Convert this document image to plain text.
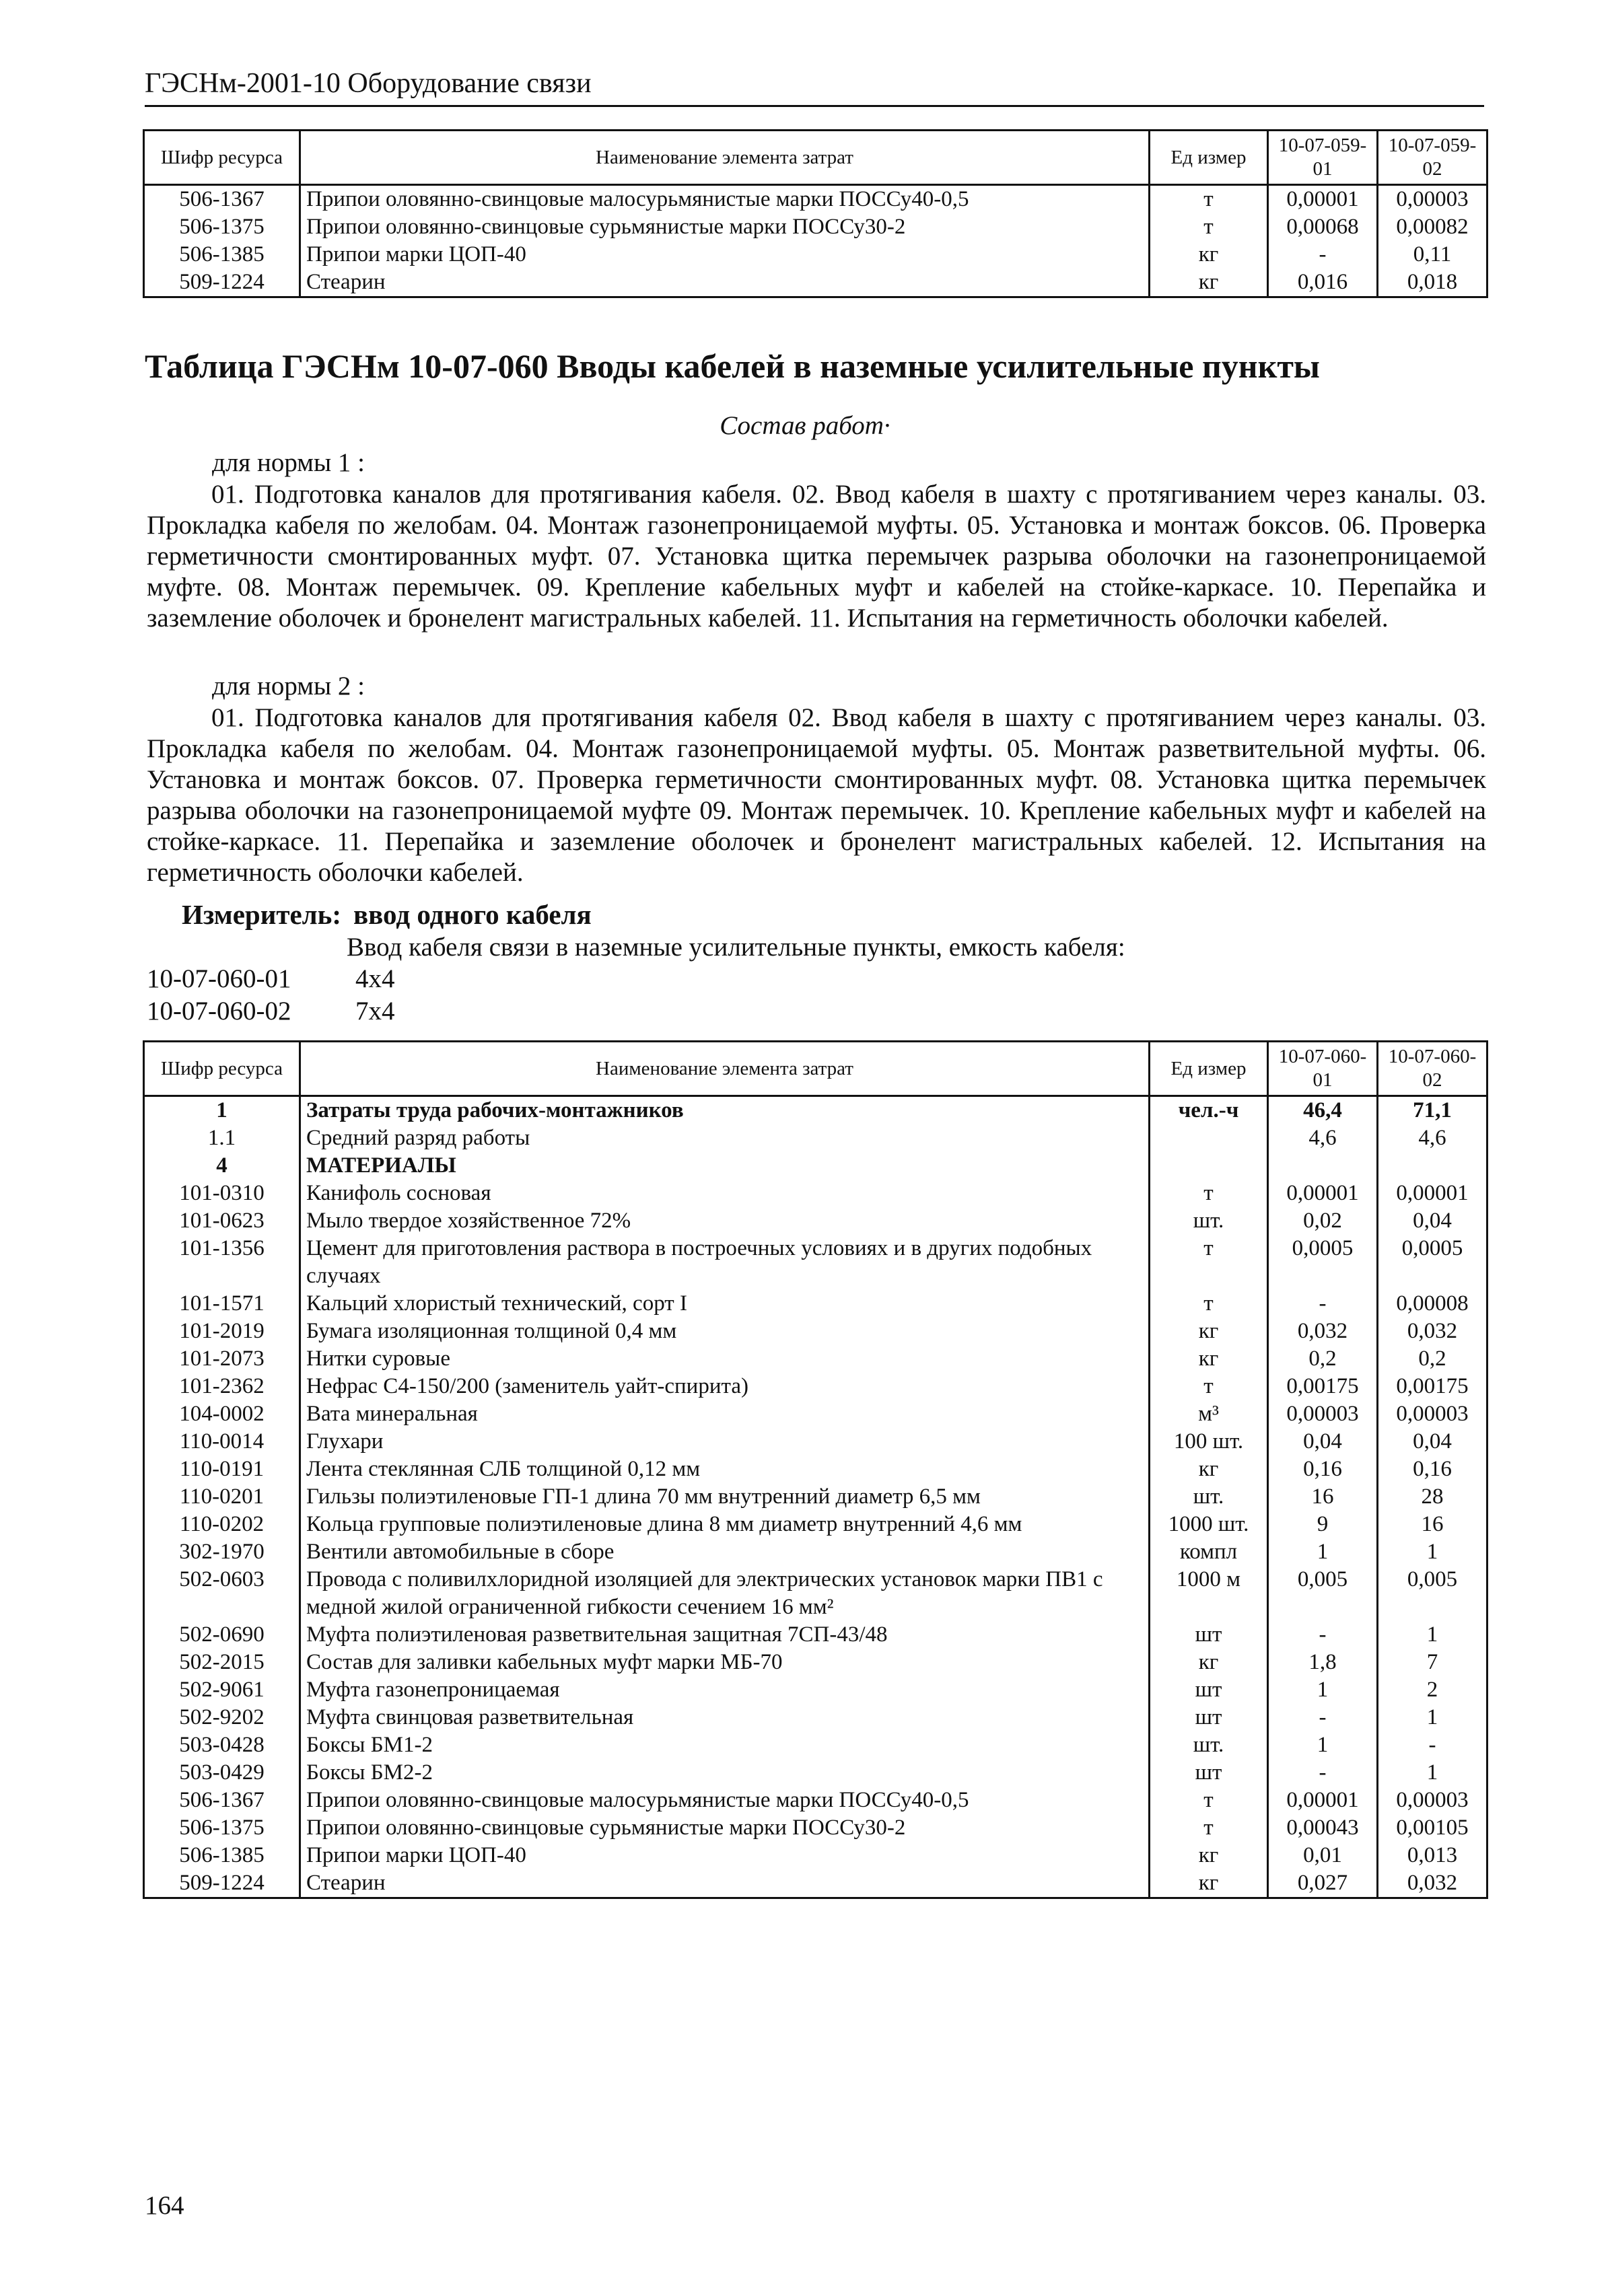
ГЭСНм-2001-10 Оборудование связи
Шифр ресурса	Наименование элемента затрат	Ед измер	10-07-059-01	10-07-059-02
506-1367	Припои оловянно-свинцовые малосурьмянистые марки ПОССу40-0,5	т	0,00001	0,00003
506-1375	Припои оловянно-свинцовые сурьмянистые марки ПОССу30-2	т	0,00068	0,00082
506-1385	Припои марки ЦОП-40	кг	-	0,11
509-1224	Стеарин	кг	0,016	0,018
Таблица ГЭСНм 10-07-060 Вводы кабелей в наземные усилительные пункты
Состав работ·
для нормы 1 :

01. Подготовка каналов для протягивания кабеля. 02. Ввод кабеля в шахту с протягиванием через каналы. 03. Прокладка кабеля по желобам. 04. Монтаж газонепроницаемой муфты. 05. Установка и монтаж боксов. 06. Проверка герметичности смонтированных муфт. 07. Установка щитка перемычек разрыва оболочки на газонепроницаемой муфте. 08. Монтаж перемычек. 09. Крепление кабельных муфт и кабелей на стойке-каркасе. 10. Перепайка и заземление оболочек и бронелент магистральных кабелей. 11. Испытания на герметичность оболочки кабелей.

для нормы 2 :

01. Подготовка каналов для протягивания кабеля 02. Ввод кабеля в шахту с протягиванием через каналы. 03. Прокладка кабеля по желобам. 04. Монтаж газонепроницаемой муфты. 05. Монтаж разветвительной муфты. 06. Установка и монтаж боксов. 07. Проверка герметичности смонтированных муфт. 08. Установка щитка перемычек разрыва оболочки на газонепроницаемой муфте 09. Монтаж перемычек. 10. Крепление кабельных муфт и кабелей на стойке-каркасе. 11. Перепайка и заземление оболочек и бронелент магистральных кабелей. 12. Испытания на герметичность оболочки кабелей.

Измеритель: ввод одного кабеля
Ввод кабеля связи в наземные усилительные пункты, емкость кабеля:
10-07-060-01 4х4
10-07-060-02 7х4
Шифр ресурса	Наименование элемента затрат	Ед измер	10-07-060-01	10-07-060-02
1	Затраты труда рабочих-монтажников	чел.-ч	46,4	71,1
1.1	Средний разряд работы		4,6	4,6
4	МАТЕРИАЛЫ			
101-0310	Канифоль сосновая	т	0,00001	0,00001
101-0623	Мыло твердое хозяйственное 72%	шт.	0,02	0,04
101-1356	Цемент для приготовления раствора в построечных условиях и в других подобных случаях	т	0,0005	0,0005
101-1571	Кальций хлористый технический, сорт I	т	-	0,00008
101-2019	Бумага изоляционная толщиной 0,4 мм	кг	0,032	0,032
101-2073	Нитки суровые	кг	0,2	0,2
101-2362	Нефрас С4-150/200 (заменитель уайт-спирита)	т	0,00175	0,00175
104-0002	Вата минеральная	м³	0,00003	0,00003
110-0014	Глухари	100 шт.	0,04	0,04
110-0191	Лента стеклянная СЛБ толщиной 0,12 мм	кг	0,16	0,16
110-0201	Гильзы полиэтиленовые ГП-1 длина 70 мм внутренний диаметр 6,5 мм	шт.	16	28
110-0202	Кольца групповые полиэтиленовые длина 8 мм диаметр внутренний 4,6 мм	1000 шт.	9	16
302-1970	Вентили автомобильные в сборе	компл	1	1
502-0603	Провода с поливилхлоридной изоляцией для электрических установок марки ПВ1 с медной жилой ограниченной гибкости сечением 16 мм²	1000 м	0,005	0,005
502-0690	Муфта полиэтиленовая разветвительная защитная 7СП-43/48	шт	-	1
502-2015	Состав для заливки кабельных муфт марки МБ-70	кг	1,8	7
502-9061	Муфта газонепроницаемая	шт	1	2
502-9202	Муфта свинцовая разветвительная	шт	-	1
503-0428	Боксы БМ1-2	шт.	1	-
503-0429	Боксы БМ2-2	шт	-	1
506-1367	Припои оловянно-свинцовые малосурьмянистые марки ПОССу40-0,5	т	0,00001	0,00003
506-1375	Припои оловянно-свинцовые сурьмянистые марки ПОССу30-2	т	0,00043	0,00105
506-1385	Припои марки ЦОП-40	кг	0,01	0,013
509-1224	Стеарин	кг	0,027	0,032
164
